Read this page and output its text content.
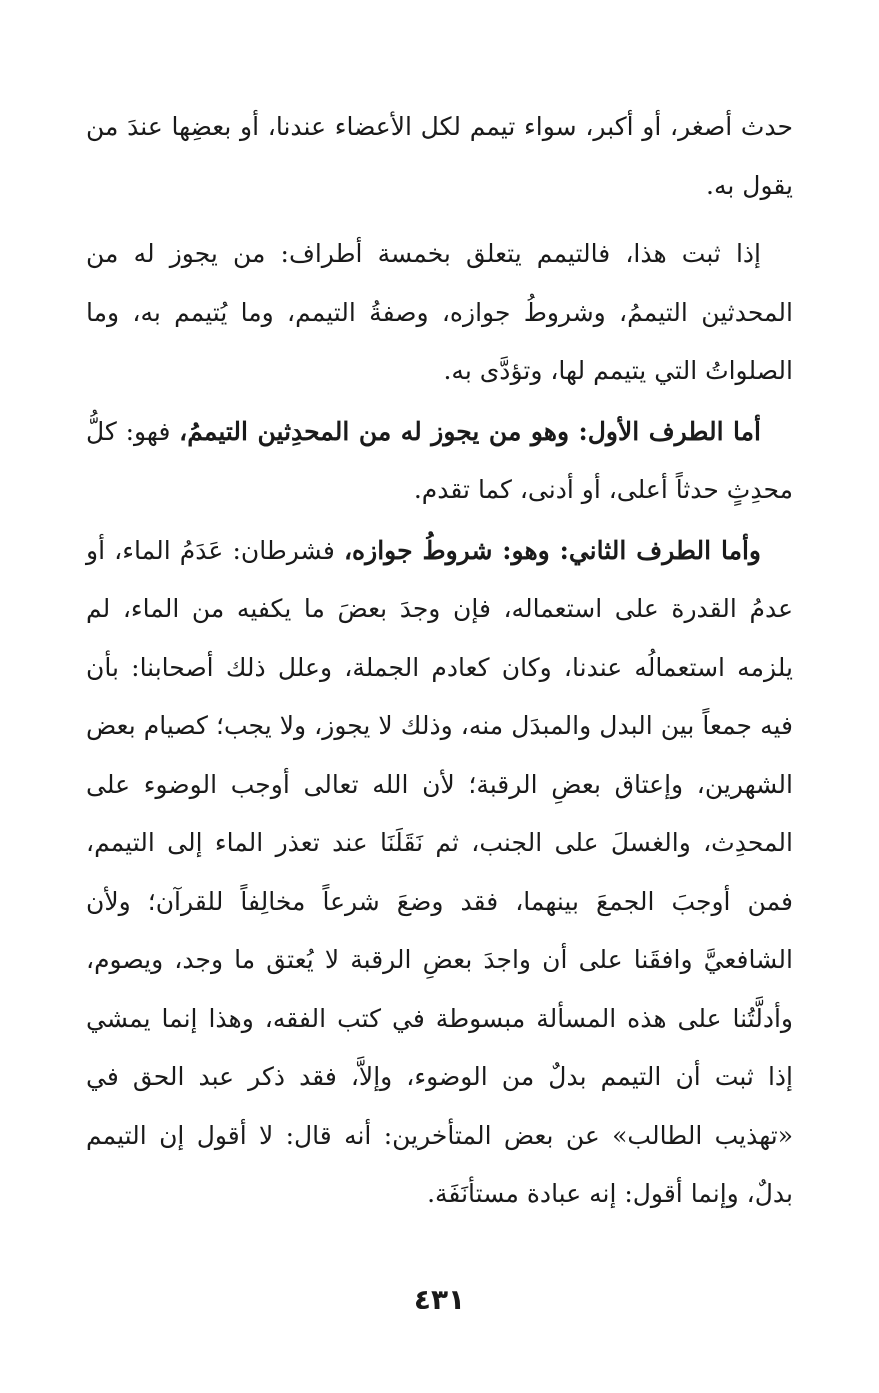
حدث أصغر، أو أكبر، سواء تيمم لكل الأعضاء عندنا، أو بعضِها عندَ من يقول به.

إذا ثبت هذا، فالتيمم يتعلق بخمسة أطراف: من يجوز له من المحدثين التيممُ، وشروطُ جوازه، وصفةُ التيمم، وما يُتيمم به، وما الصلواتُ التي يتيمم لها، وتؤدَّى به.

أما الطرف الأول: وهو من يجوز له من المحدِثين التيممُ، فهو: كلُّ محدِثٍ حدثاً أعلى، أو أدنى، كما تقدم.

وأما الطرف الثاني: وهو: شروطُ جوازه، فشرطان: عَدَمُ الماء، أو عدمُ القدرة على استعماله، فإن وجدَ بعضَ ما يكفيه من الماء، لم يلزمه استعمالُه عندنا، وكان كعادم الجملة، وعلل ذلك أصحابنا: بأن فيه جمعاً بين البدل والمبدَل منه، وذلك لا يجوز، ولا يجب؛ كصيام بعض الشهرين، وإعتاق بعضِ الرقبة؛ لأن الله تعالى أوجب الوضوء على المحدِث، والغسلَ على الجنب، ثم نَقَلَنَا عند تعذر الماء إلى التيمم، فمن أوجبَ الجمعَ بينهما، فقد وضعَ شرعاً مخالِفاً للقرآن؛ ولأن الشافعيَّ وافقَنا على أن واجدَ بعضِ الرقبة لا يُعتق ما وجد، ويصوم، وأدلَّتُنا على هذه المسألة مبسوطة في كتب الفقه، وهذا إنما يمشي إذا ثبت أن التيمم بدلٌ من الوضوء، وإلاَّ، فقد ذكر عبد الحق في «تهذيب الطالب» عن بعض المتأخرين: أنه قال: لا أقول إن التيمم بدلٌ، وإنما أقول: إنه عبادة مستأنَفَة.

٤٣١
